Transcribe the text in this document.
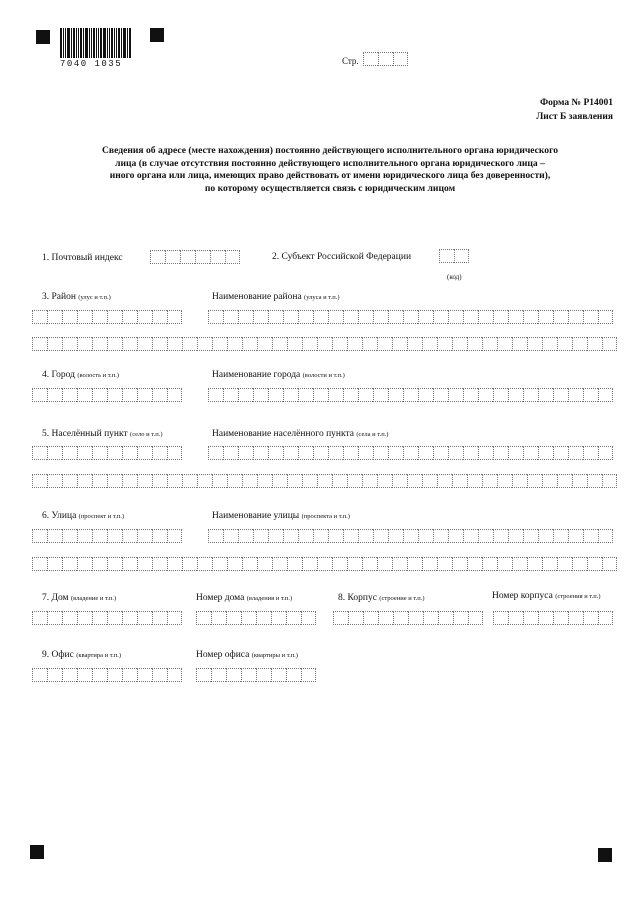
7040 1035	Стр.
Форма № Р14001
Лист Б заявления
Сведения об адресе (месте нахождения) постоянно действующего исполнительного органа юридического
лица (в случае отсутствия постоянно действующего исполнительного органа юридического лица –
иного органа или лица, имеющих право действовать от имени юридического лица без доверенности),
по которому осуществляется связь с юридическим лицом
1. Почтовый индекс	2. Субъект Российской Федерации
(код)
3. Район (улус и т.п.)	Наименование района (улуса и т.п.)
4. Город (волость и т.п.)	Наименование города (волости и т.п.)
5. Населённый пункт (село и т.п.)	Наименование населённого пункта (села и т.п.)
6. Улица (проспект и т.п.)	Наименование улицы (проспекта и т.п.)
7. Дом (владение и т.п.)	Номер дома (владения и т.п.)	8. Корпус (строение и т.п.)	Номер корпуса (строения и т.п.)
9. Офис (квартира и т.п.)	Номер офиса (квартиры и т.п.)
